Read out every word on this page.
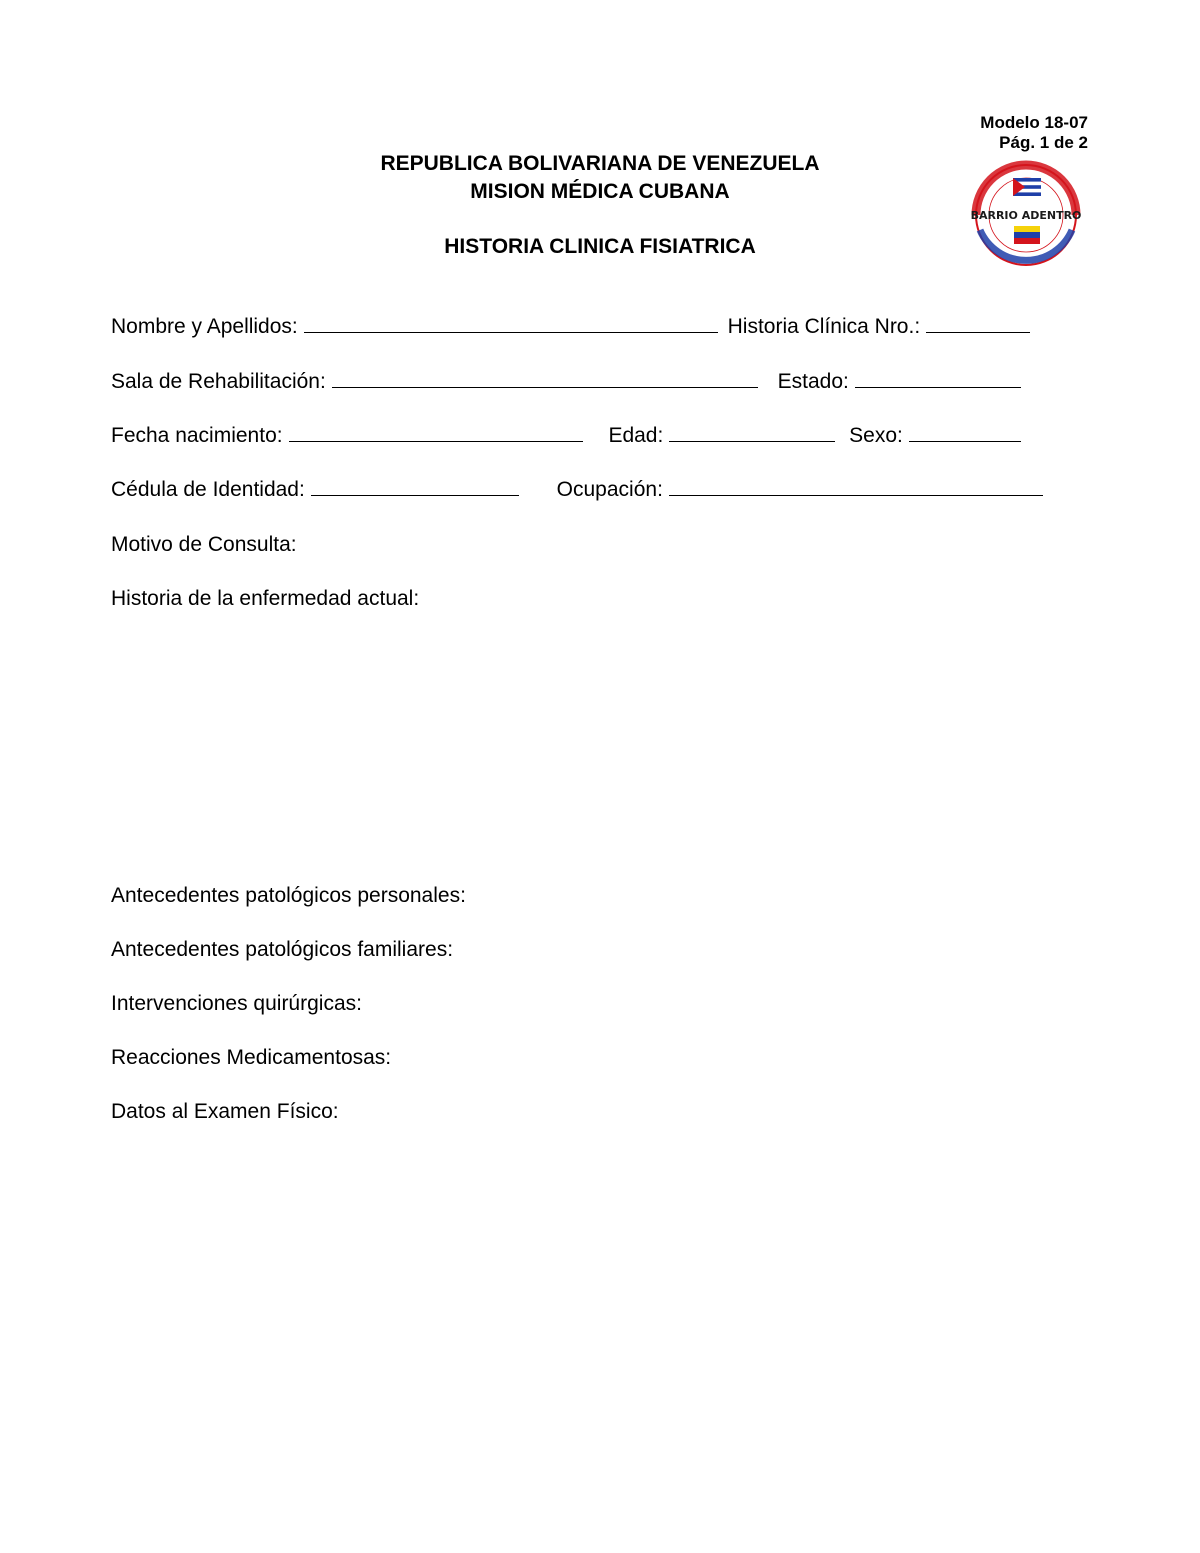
Modelo 18-07
Pág. 1 de 2
BARRIO ADENTRO
REPUBLICA BOLIVARIANA DE VENEZUELA
MISION MÉDICA CUBANA
HISTORIA CLINICA FISIATRICA
Nombre y Apellidos:	Historia Clínica Nro.:
Sala de Rehabilitación:	Estado:
Fecha nacimiento:	Edad:	Sexo:
Cédula de Identidad:	Ocupación:
Motivo de Consulta:
Historia de la enfermedad actual:
Antecedentes patológicos personales:
Antecedentes patológicos familiares:
Intervenciones quirúrgicas:
Reacciones Medicamentosas:
Datos al Examen Físico:
